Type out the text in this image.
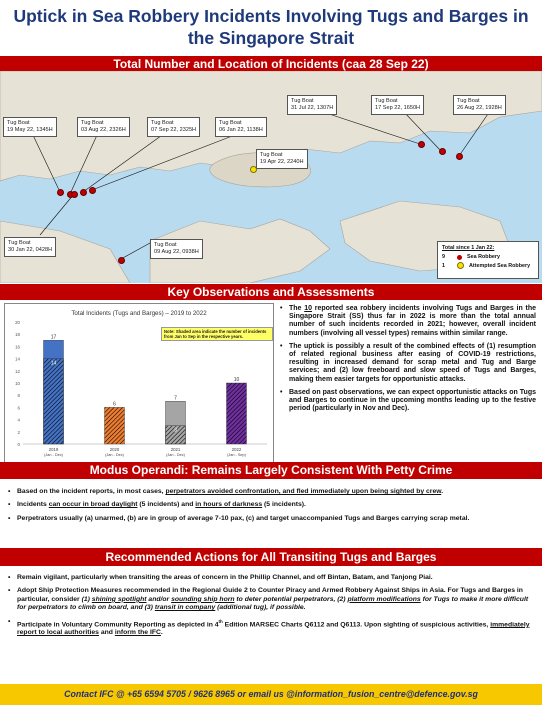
Uptick in Sea Robbery Incidents Involving Tugs and Barges in
the Singapore Strait
Total Number and Location of Incidents (caa 28 Sep 22)
Tug Boat
19 May 22, 1345H
Tug Boat
03 Aug 22, 2326H
Tug Boat
07 Sep 22, 2325H
Tug Boat
06 Jan 22, 1138H
Tug Boat
31 Jul 22, 1307H
Tug Boat
17 Sep 22, 1650H
Tug Boat
26 Aug 22, 1928H
Tug Boat
19 Apr 22, 2240H
Tug Boat
30 Jan 22, 0428H
Tug Boat
09 Aug 22, 0938H
Total since 1 Jan 22:
9	Sea Robbery
1	Attempted Sea Robbery
Key Observations and Assessments
Total Incidents (Tugs and Barges) – 2019 to 2022
0
2
4
6
8
10
12
14
16
18
20
14
17
2019
(Jan - Dec)
6
2020
(Jan - Dec)
3
7
2021
(Jan - Dec)
10
2022
(Jan - Sep)
Note: Shaded area indicate the number of incidents from Jan to Sep in the respective years.

• The 10 reported sea robbery incidents involving Tugs and Barges in the Singapore Strait (SS) thus far in 2022 is more than the total annual number of such incidents recorded in 2021; however, overall incident numbers (involving all vessel types) remains within similar range.

• The uptick is possibly a result of the combined effects of (1) resumption of related regional business after easing of COVID-19 restrictions, resulting in increased demand for scrap metal and Tug and Barge services; and (2) low freeboard and slow speed of Tugs and Barges, making them easier targets for opportunistic attacks.

• Based on past observations, we can expect opportunistic attacks on Tugs and Barges to continue in the upcoming months leading up to the festive period (particularly in Nov and Dec).

Modus Operandi: Remains Largely Consistent With Petty Crime

• Based on the incident reports, in most cases, perpetrators avoided confrontation, and fled immediately upon being sighted by crew.

• Incidents can occur in broad daylight (5 incidents) and in hours of darkness (5 incidents).

• Perpetrators usually (a) unarmed, (b) are in group of average 7-10 pax, (c) and target unaccompanied Tugs and Barges carrying scrap metal.

Recommended Actions for All Transiting Tugs and Barges

• Remain vigilant, particularly when transiting the areas of concern in the Phillip Channel, and off Bintan, Batam, and Tanjong Piai.

• Adopt Ship Protection Measures recommended in the Regional Guide 2 to Counter Piracy and Armed Robbery Against Ships in Asia. For Tugs and Barges in particular, consider (1) shining spotlight and/or sounding ship horn to deter potential perpetrators, (2) platform modifications for Tugs to make it more difficult for perpetrators to climb on board, and (3) transit in company (additional tug), if possible.

• Participate in Voluntary Community Reporting as depicted in 4th Edition MARSEC Charts Q6112 and Q6113. Upon sighting of suspicious activities, immediately report to local authorities and inform the IFC.

Contact IFC @ +65 6594 5705 / 9626 8965 or email us @information_fusion_centre@defence.gov.sg
